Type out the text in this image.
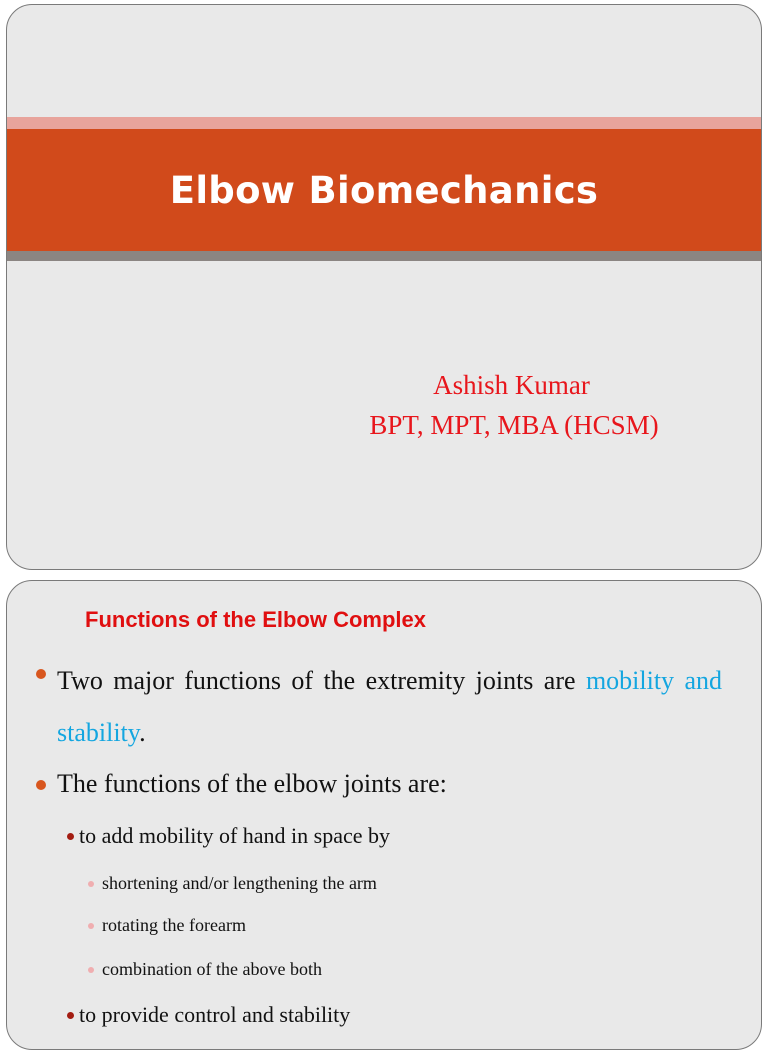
Elbow Biomechanics
Ashish Kumar
BPT, MPT, MBA (HCSM)
Functions of the Elbow Complex
Two major functions of the extremity joints are mobility and stability.
The functions of the elbow joints are:
to add mobility of hand in space by
shortening and/or lengthening the arm
rotating the forearm
combination of the above both
to provide control and stability
